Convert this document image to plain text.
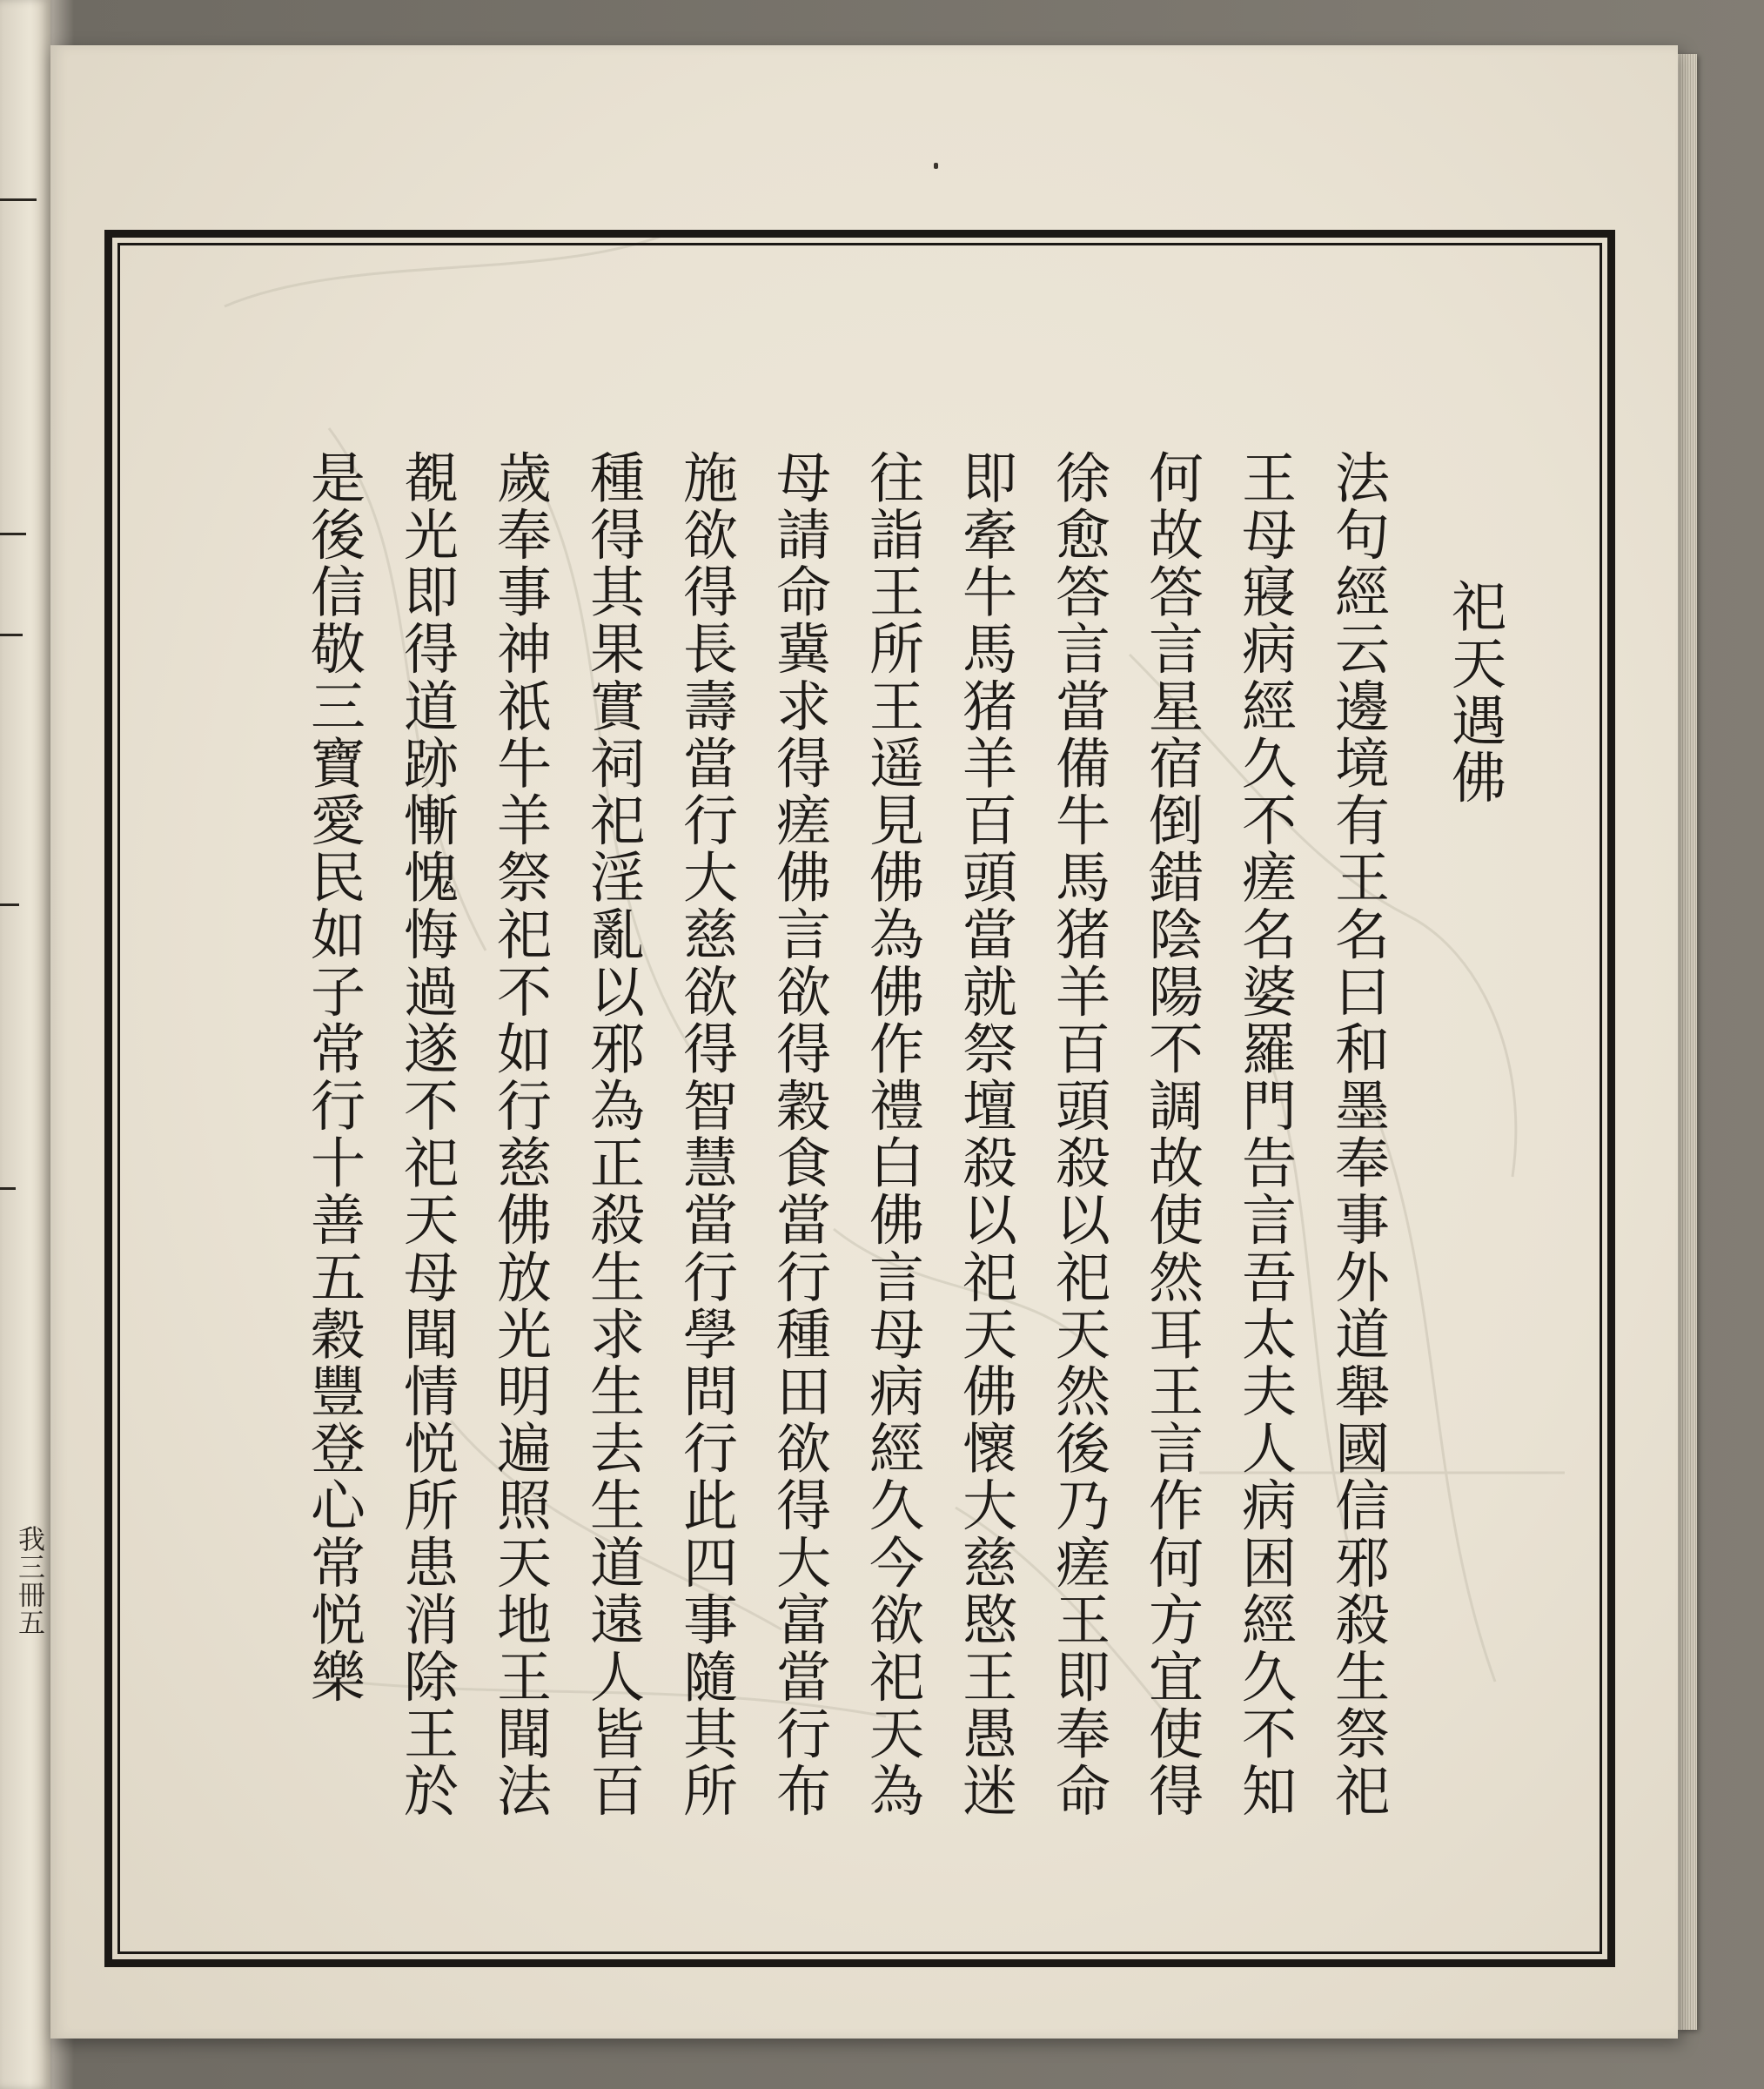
我三冊五
祀天遇佛
法句經云邊境有王名曰和墨奉事外道舉國信邪殺生祭祀
王母寢病經久不瘥名婆羅門告言吾太夫人病困經久不知
何故答言星宿倒錯陰陽不調故使然耳王言作何方宜使得
徐愈答言當備牛馬猪羊百頭殺以祀天然後乃瘥王即奉命
即牽牛馬猪羊百頭當就祭壇殺以祀天佛懷大慈愍王愚迷
往詣王所王遥見佛為佛作禮白佛言母病經久今欲祀天為
母請命冀求得瘥佛言欲得穀食當行種田欲得大富當行布
施欲得長壽當行大慈欲得智慧當行學問行此四事隨其所
種得其果實祠祀淫亂以邪為正殺生求生去生道遠人皆百
歲奉事神祇牛羊祭祀不如行慈佛放光明遍照天地王聞法
覩光即得道跡慚愧悔過遂不祀天母聞情悦所患消除王於
是後信敬三寶愛民如子常行十善五穀豐登心常悦樂
